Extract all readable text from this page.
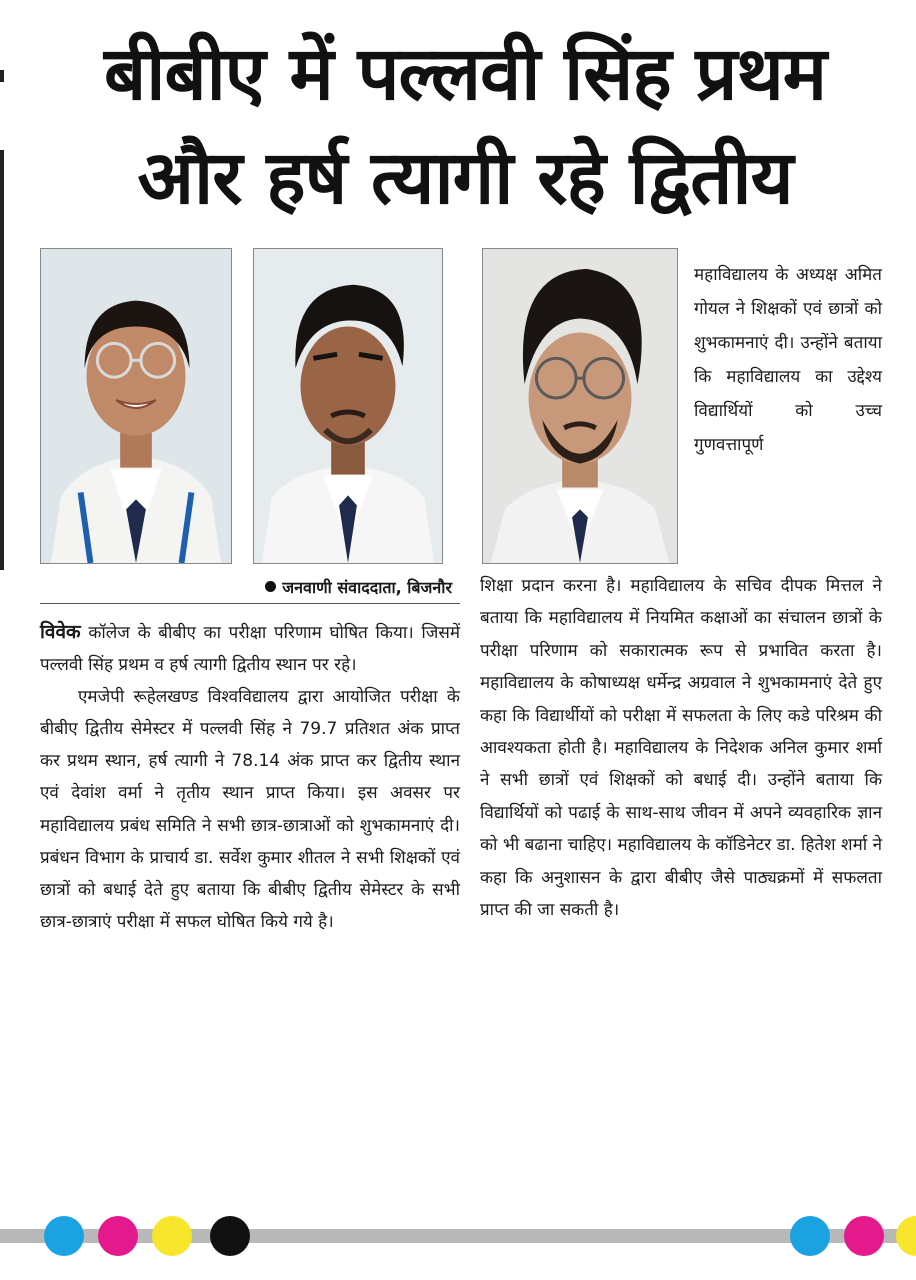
बीबीए में पल्लवी सिंह प्रथम
और हर्ष त्यागी रहे द्वितीय
जनवाणी संवाददाता, बिजनौर

महाविद्यालय के अध्यक्ष अमित गोयल ने शिक्षकों एवं छात्रों को शुभकामनाएं दी। उन्होंने बताया कि महाविद्यालय का उद्देश्य विद्यार्थियों को उच्च गुणवत्तापूर्ण

विवेक कॉलेज के बीबीए का परीक्षा परिणाम घोषित किया। जिसमें पल्लवी सिंह प्रथम व हर्ष त्यागी द्वितीय स्थान पर रहे।

एमजेपी रूहेलखण्ड विश्वविद्यालय द्वारा आयोजित परीक्षा के बीबीए द्वितीय सेमेस्टर में पल्लवी सिंह ने 79.7 प्रतिशत अंक प्राप्त कर प्रथम स्थान, हर्ष त्यागी ने 78.14 अंक प्राप्त कर द्वितीय स्थान एवं देवांश वर्मा ने तृतीय स्थान प्राप्त किया। इस अवसर पर महाविद्यालय प्रबंध समिति ने सभी छात्र-छात्राओं को शुभकामनाएं दी। प्रबंधन विभाग के प्राचार्य डा. सर्वेश कुमार शीतल ने सभी शिक्षकों एवं छात्रों को बधाई देते हुए बताया कि बीबीए द्वितीय सेमेस्टर के सभी छात्र-छात्राएं परीक्षा में सफल घोषित किये गये है।

शिक्षा प्रदान करना है। महाविद्यालय के सचिव दीपक मित्तल ने बताया कि महाविद्यालय में नियमित कक्षाओं का संचालन छात्रों के परीक्षा परिणाम को सकारात्मक रूप से प्रभावित करता है। महाविद्यालय के कोषाध्यक्ष धर्मेन्द्र अग्रवाल ने शुभकामनाएं देते हुए कहा कि विद्यार्थीयों को परीक्षा में सफलता के लिए कडे परिश्रम की आवश्यकता होती है। महाविद्यालय के निदेशक अनिल कुमार शर्मा ने सभी छात्रों एवं शिक्षकों को बधाई दी। उन्होंने बताया कि विद्यार्थियों को पढाई के साथ-साथ जीवन में अपने व्यवहारिक ज्ञान को भी बढाना चाहिए। महाविद्यालय के कॉडिनेटर डा. हितेश शर्मा ने कहा कि अनुशासन के द्वारा बीबीए जैसे पाठ्यक्रमों में सफलता प्राप्त की जा सकती है।
